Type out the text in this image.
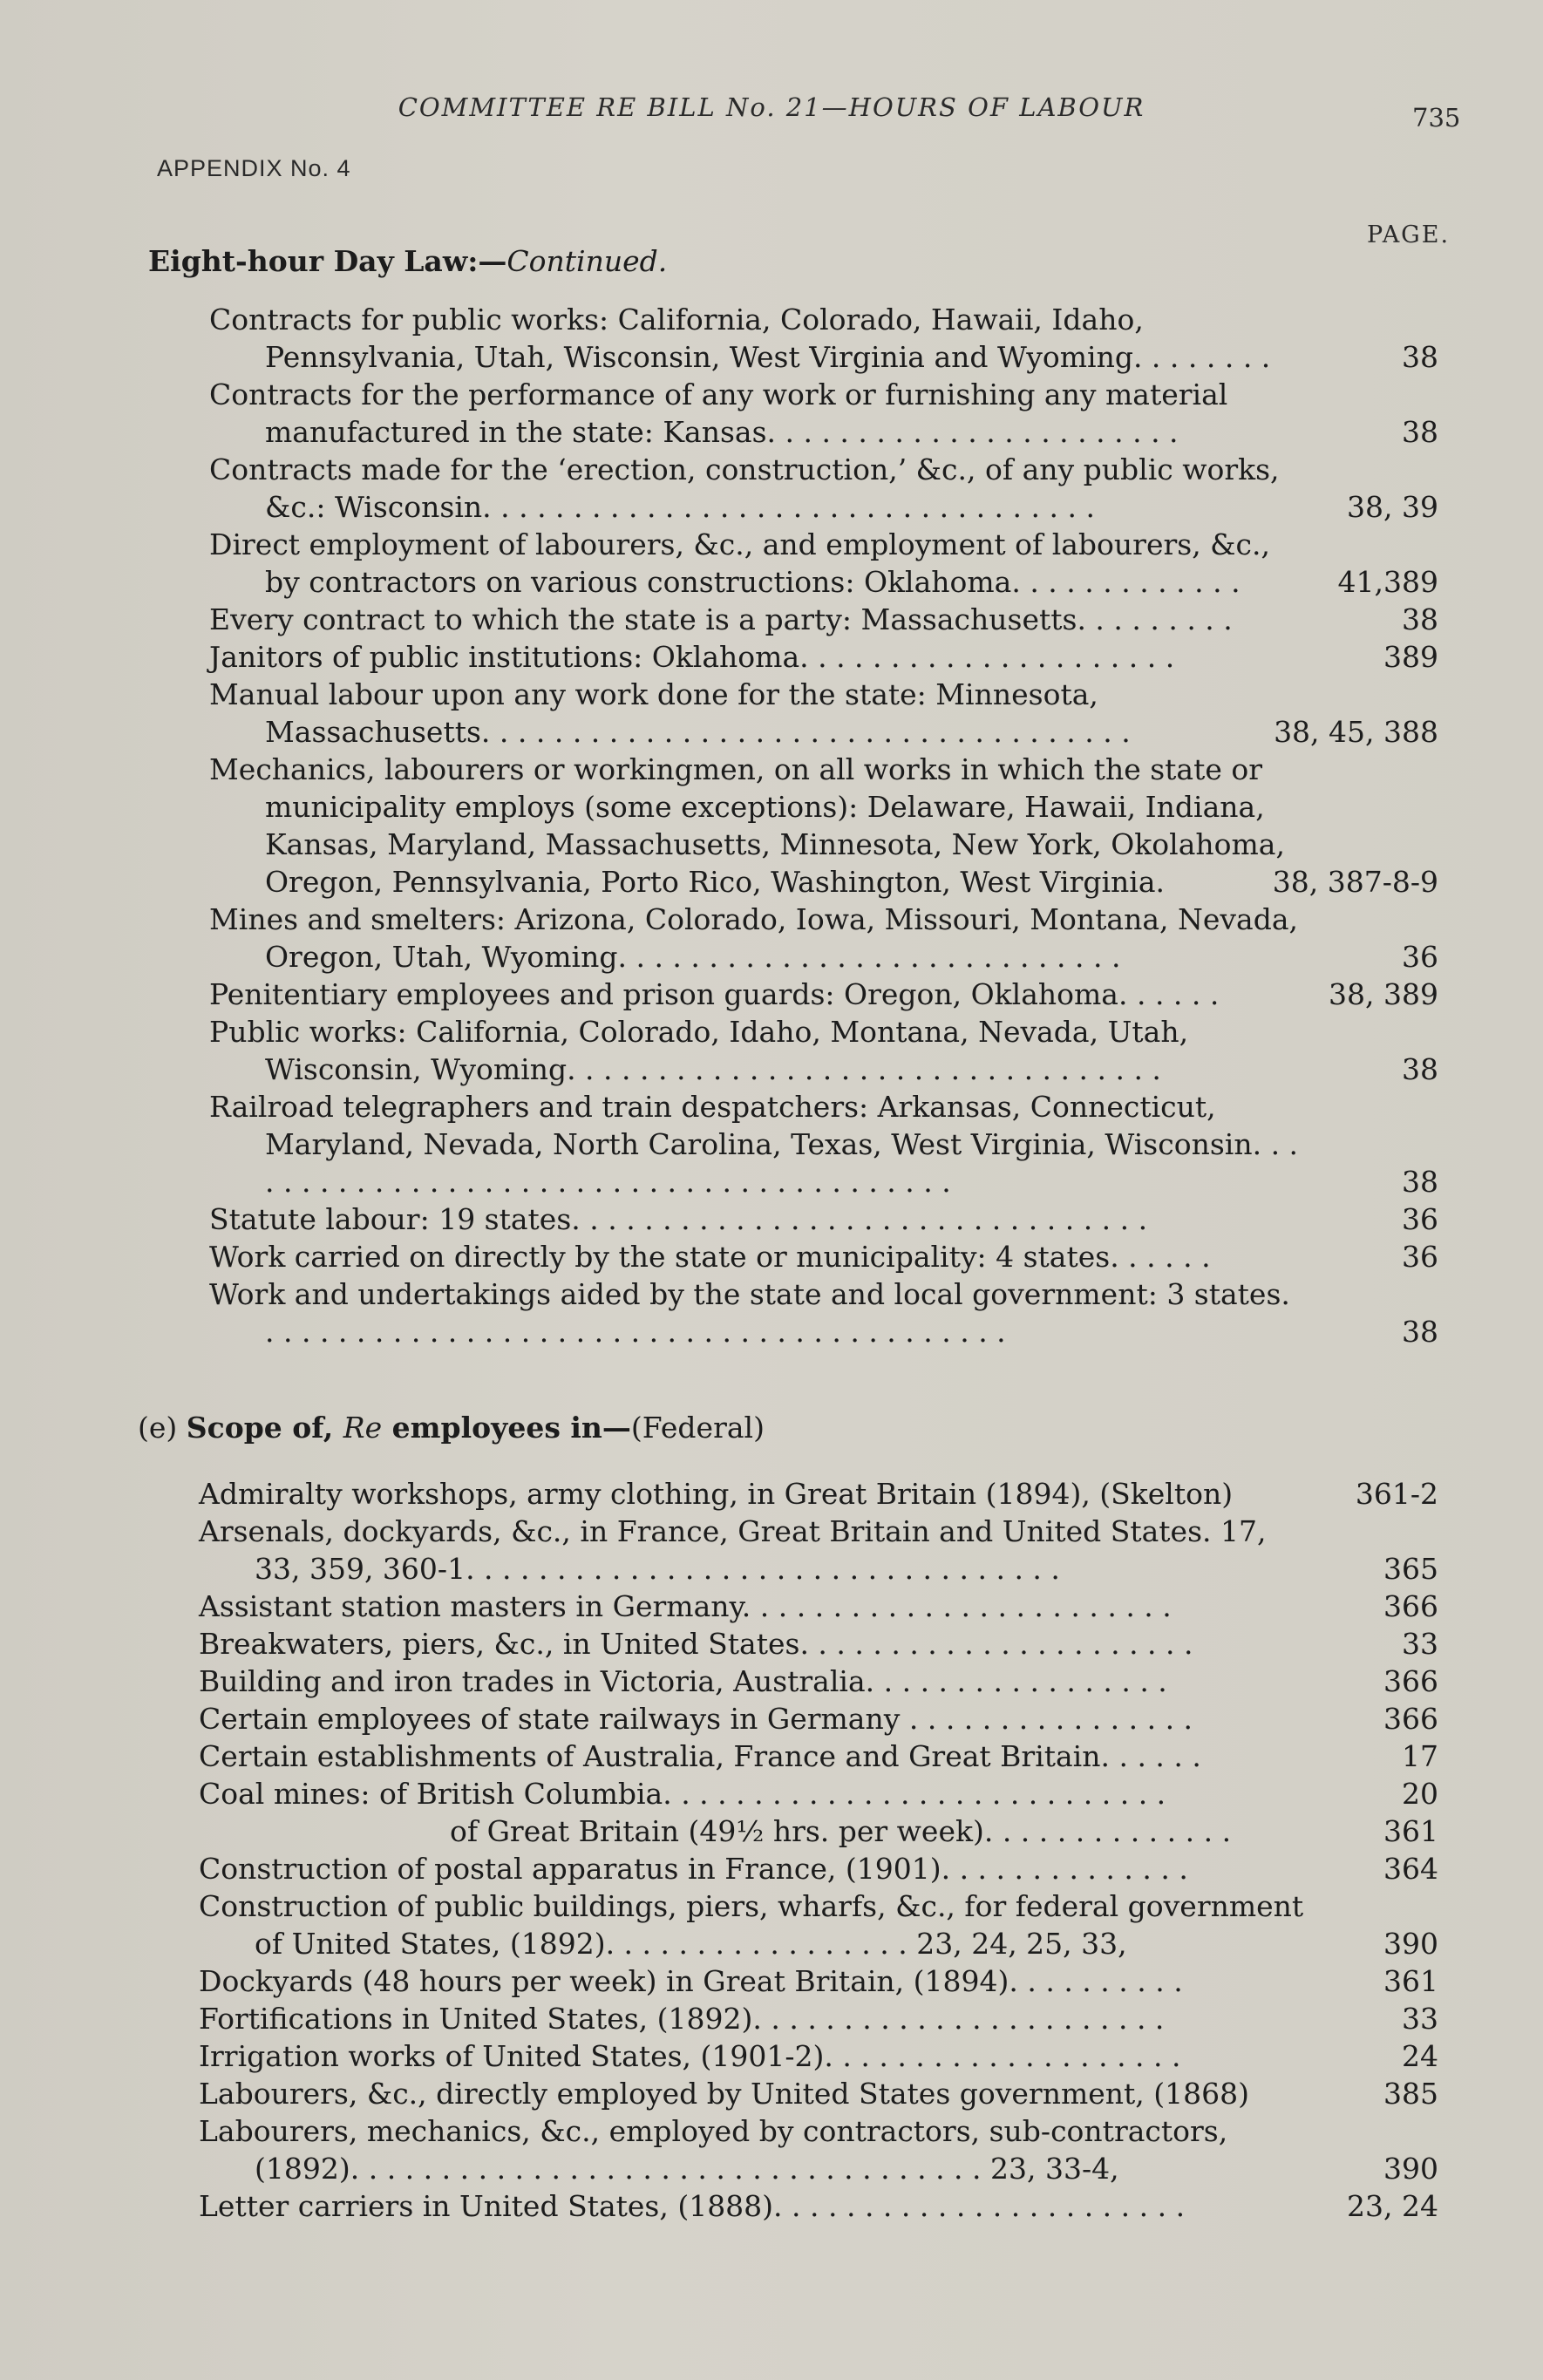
COMMITTEE RE BILL No. 21—HOURS OF LABOUR	735
APPENDIX No. 4
PAGE.
Eight-hour Day Law:—Continued.
Contracts for public works: California, Colorado, Hawaii, Idaho, Pennsylvania, Utah, Wisconsin, West Virginia and Wyoming. . . . . . . .	38
Contracts for the performance of any work or furnishing any material manufactured in the state: Kansas. . . . . . . . . . . . . . . . . . . . . . .	38
Contracts made for the ‘erection, construction,’ &c., of any public works, &c.: Wisconsin. . . . . . . . . . . . . . . . . . . . . . . . . . . . . . . . . .	38, 39
Direct employment of labourers, &c., and employment of labourers, &c., by contractors on various constructions: Oklahoma. . . . . . . . . . . . .	41,389
Every contract to which the state is a party: Massachusetts. . . . . . . . .	38
Janitors of public institutions: Oklahoma. . . . . . . . . . . . . . . . . . . . .	389
Manual labour upon any work done for the state: Minnesota, Massachusetts. . . . . . . . . . . . . . . . . . . . . . . . . . . . . . . . . . . .	38, 45, 388
Mechanics, labourers or workingmen, on all works in which the state or municipality employs (some exceptions): Delaware, Hawaii, Indiana, Kansas, Maryland, Massachusetts, Minnesota, New York, Okolahoma, Oregon, Pennsylvania, Porto Rico, Washington, West Virginia.	38, 387-8-9
Mines and smelters: Arizona, Colorado, Iowa, Missouri, Montana, Nevada, Oregon, Utah, Wyoming. . . . . . . . . . . . . . . . . . . . . . . . . . . .	36
Penitentiary employees and prison guards: Oregon, Oklahoma. . . . . .	38, 389
Public works: California, Colorado, Idaho, Montana, Nevada, Utah, Wisconsin, Wyoming. . . . . . . . . . . . . . . . . . . . . . . . . . . . . . . . .	38
Railroad telegraphers and train despatchers: Arkansas, Connecticut, Maryland, Nevada, North Carolina, Texas, West Virginia, Wisconsin. . . . . . . . . . . . . . . . . . . . . . . . . . . . . . . . . . . . . . . . .	38
Statute labour: 19 states. . . . . . . . . . . . . . . . . . . . . . . . . . . . . . . .	36
Work carried on directly by the state or municipality: 4 states. . . . . .	36
Work and undertakings aided by the state and local government: 3 states. . . . . . . . . . . . . . . . . . . . . . . . . . . . . . . . . . . . . . . . . .	38
(e) Scope of, Re employees in—(Federal)
Admiralty workshops, army clothing, in Great Britain (1894), (Skelton)	361-2
Arsenals, dockyards, &c., in France, Great Britain and United States. 17, 33, 359, 360-1. . . . . . . . . . . . . . . . . . . . . . . . . . . . . . . . .	365
Assistant station masters in Germany. . . . . . . . . . . . . . . . . . . . . . . .	366
Breakwaters, piers, &c., in United States. . . . . . . . . . . . . . . . . . . . . .	33
Building and iron trades in Victoria, Australia. . . . . . . . . . . . . . . . .	366
Certain employees of state railways in Germany . . . . . . . . . . . . . . . .	366
Certain establishments of Australia, France and Great Britain. . . . . .	17
Coal mines: of British Columbia. . . . . . . . . . . . . . . . . . . . . . . . . . . .	20
of Great Britain (49½ hrs. per week). . . . . . . . . . . . . .	361
Construction of postal apparatus in France, (1901). . . . . . . . . . . . . .	364
Construction of public buildings, piers, wharfs, &c., for federal government of United States, (1892). . . . . . . . . . . . . . . . . 23, 24, 25, 33,	390
Dockyards (48 hours per week) in Great Britain, (1894). . . . . . . . . .	361
Fortifications in United States, (1892). . . . . . . . . . . . . . . . . . . . . . .	33
Irrigation works of United States, (1901-2). . . . . . . . . . . . . . . . . . . .	24
Labourers, &c., directly employed by United States government, (1868)	385
Labourers, mechanics, &c., employed by contractors, sub-contractors, (1892). . . . . . . . . . . . . . . . . . . . . . . . . . . . . . . . . . . 23, 33-4,	390
Letter carriers in United States, (1888). . . . . . . . . . . . . . . . . . . . . . .	23, 24
